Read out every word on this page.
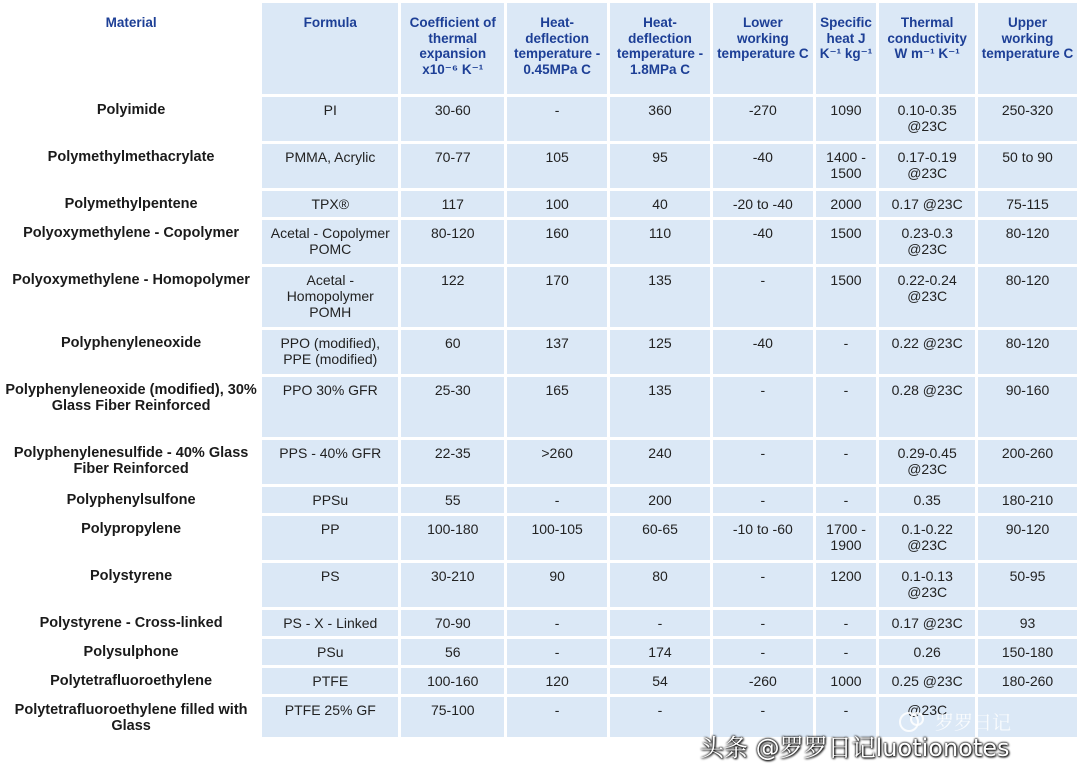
Material	Formula	Coefficient of thermal expansion x10⁻⁶ K⁻¹	Heat-deflection temperature - 0.45MPa C	Heat-deflection temperature - 1.8MPa C	Lower working temperature C	Specific heat J K⁻¹ kg⁻¹	Thermal conductivity W m⁻¹ K⁻¹	Upper working temperature C
Polyimide	PI	30-60	-	360	-270	1090	0.10-0.35 @23C	250-320
Polymethylmethacrylate	PMMA, Acrylic	70-77	105	95	-40	1400 - 1500	0.17-0.19 @23C	50 to 90
Polymethylpentene	TPX®	117	100	40	-20 to -40	2000	0.17 @23C	75-115
Polyoxymethylene - Copolymer	Acetal - Copolymer POMC	80-120	160	110	-40	1500	0.23-0.3 @23C	80-120
Polyoxymethylene - Homopolymer	Acetal - Homopolymer POMH	122	170	135	-	1500	0.22-0.24 @23C	80-120
Polyphenyleneoxide	PPO (modified), PPE (modified)	60	137	125	-40	-	0.22 @23C	80-120
Polyphenyleneoxide (modified), 30% Glass Fiber Reinforced	PPO 30% GFR	25-30	165	135	-	-	0.28 @23C	90-160
Polyphenylenesulfide - 40% Glass Fiber Reinforced	PPS - 40% GFR	22-35	>260	240	-	-	0.29-0.45 @23C	200-260
Polyphenylsulfone	PPSu	55	-	200	-	-	0.35	180-210
Polypropylene	PP	100-180	100-105	60-65	-10 to -60	1700 - 1900	0.1-0.22 @23C	90-120
Polystyrene	PS	30-210	90	80	-	1200	0.1-0.13 @23C	50-95
Polystyrene - Cross-linked	PS - X - Linked	70-90	-	-	-	-	0.17 @23C	93
Polysulphone	PSu	56	-	174	-	-	0.26	150-180
Polytetrafluoroethylene	PTFE	100-160	120	54	-260	1000	0.25 @23C	180-260
Polytetrafluoroethylene filled with Glass	PTFE 25% GF	75-100	-	-	-	-	@23C	
罗罗日记
头条 @罗罗日记luotionotes
